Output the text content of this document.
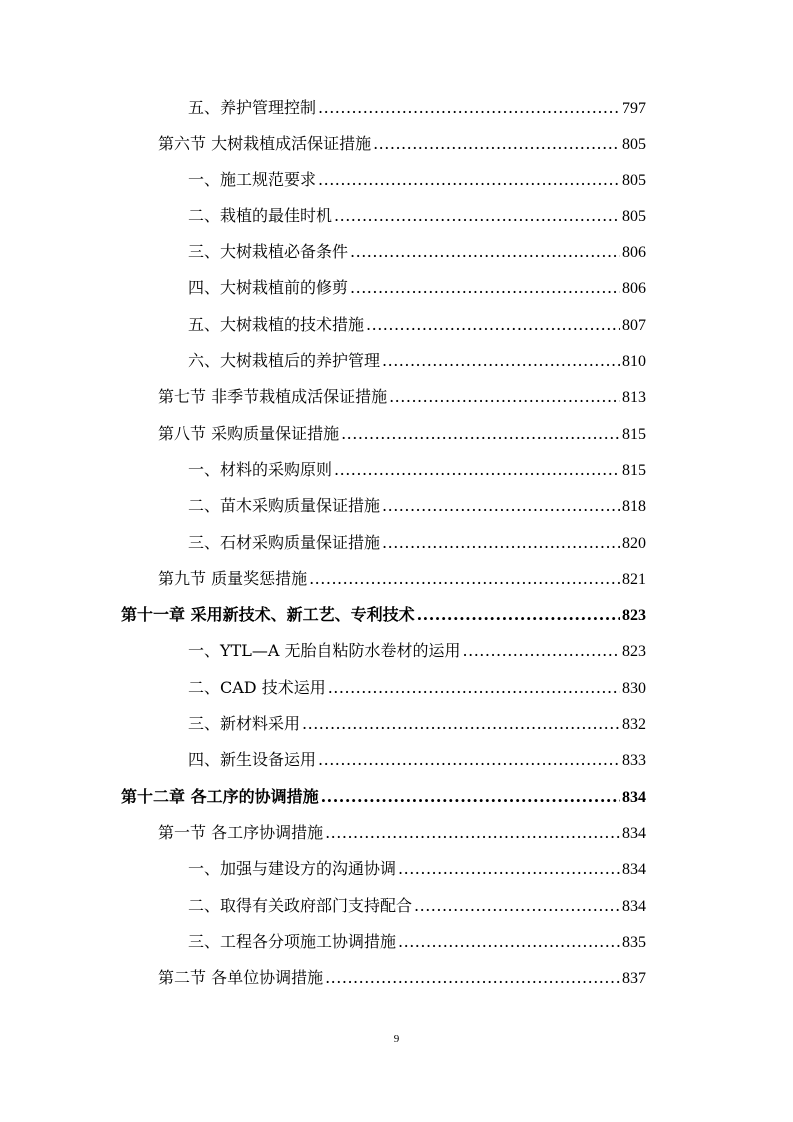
五、养护管理控制 .....	797
第六节 大树栽植成活保证措施 .....	805
一、施工规范要求 .....	805
二、栽植的最佳时机 .....	805
三、大树栽植必备条件 .....	806
四、大树栽植前的修剪 .....	806
五、大树栽植的技术措施 .....	807
六、大树栽植后的养护管理 .....	810
第七节 非季节栽植成活保证措施 .....	813
第八节 采购质量保证措施 .....	815
一、材料的采购原则 .....	815
二、苗木采购质量保证措施 .....	818
三、石材采购质量保证措施 .....	820
第九节 质量奖惩措施 .....	821
第十一章 采用新技术、新工艺、专利技术 .....	823
一、YTL—A 无胎自粘防水卷材的运用 .....	823
二、CAD 技术运用 .....	830
三、新材料采用 .....	832
四、新生设备运用 .....	833
第十二章 各工序的协调措施 .....	834
第一节 各工序协调措施 .....	834
一、加强与建设方的沟通协调 .....	834
二、取得有关政府部门支持配合 .....	834
三、工程各分项施工协调措施 .....	835
第二节 各单位协调措施 .....	837
9
